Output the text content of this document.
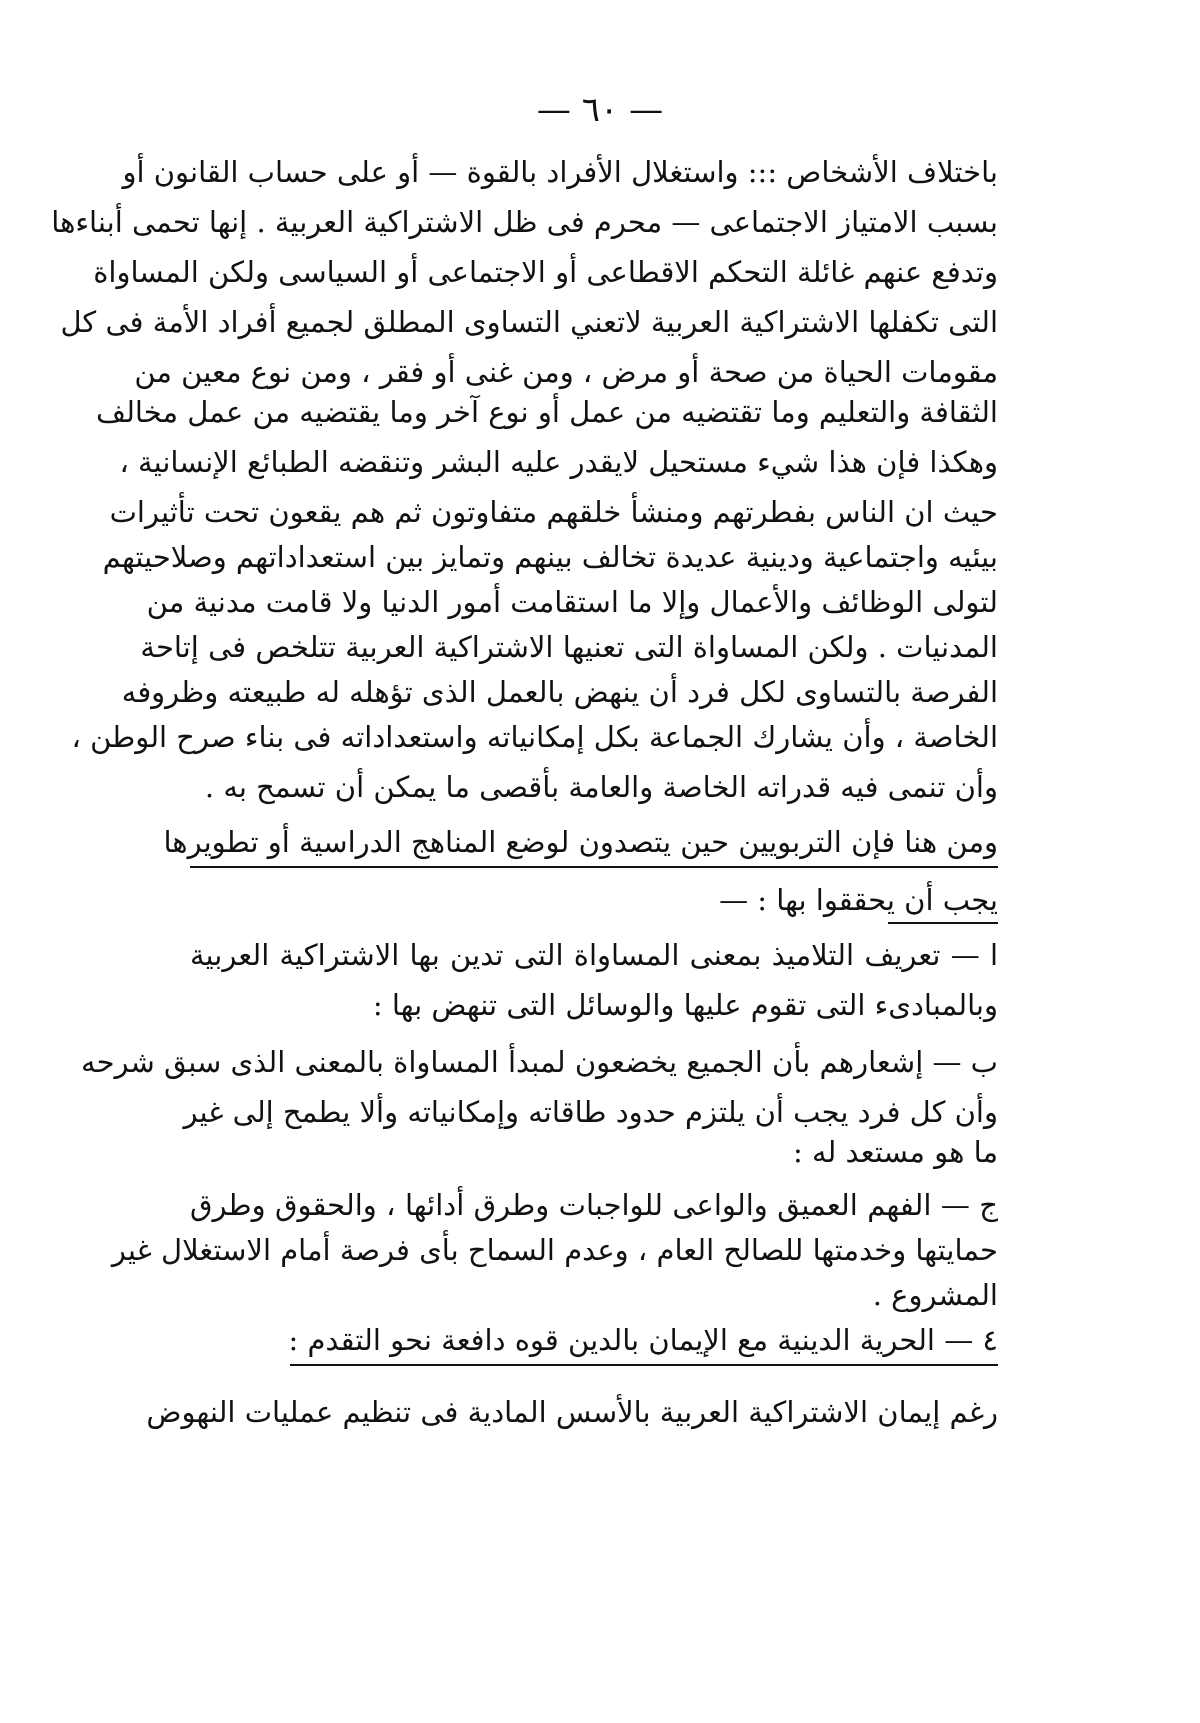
— ٦٠ —
باختلاف الأشخاص ::: واستغلال الأفراد بالقوة — أو على حساب القانون أو
بسبب الامتياز الاجتماعى — محرم فى ظل الاشتراكية العربية . إنها تحمى أبناءها
وتدفع عنهم غائلة التحكم الاقطاعى أو الاجتماعى أو السياسى ولكن المساواة
التى تكفلها الاشتراكية العربية لاتعني التساوى المطلق لجميع أفراد الأمة فى كل
مقومات الحياة من صحة أو مرض ، ومن غنى أو فقر ، ومن نوع معين من
الثقافة والتعليم وما تقتضيه من عمل أو نوع آخر وما يقتضيه من عمل مخالف
وهكذا فإن هذا شيء مستحيل لايقدر عليه البشر وتنقضه الطبائع الإنسانية ،
حيث ان الناس بفطرتهم ومنشأ خلقهم متفاوتون ثم هم يقعون تحت تأثيرات
بيئيه واجتماعية ودينية عديدة تخالف بينهم وتمايز بين استعداداتهم وصلاحيتهم
لتولى الوظائف والأعمال وإلا ما استقامت أمور الدنيا ولا قامت مدنية من
المدنيات . ولكن المساواة التى تعنيها الاشتراكية العربية تتلخص فى إتاحة
الفرصة بالتساوى لكل فرد أن ينهض بالعمل الذى تؤهله له طبيعته وظروفه
الخاصة ، وأن يشارك الجماعة بكل إمكانياته واستعداداته فى بناء صرح الوطن ،
وأن تنمى فيه قدراته الخاصة والعامة بأقصى ما يمكن أن تسمح به .
ومن هنا فإن التربويين حين يتصدون لوضع المناهج الدراسية أو تطويرها
يجب أن يحققوا بها : —
ا — تعريف التلاميذ بمعنى المساواة التى تدين بها الاشتراكية العربية
وبالمبادىء التى تقوم عليها والوسائل التى تنهض بها :
ب — إشعارهم بأن الجميع يخضعون لمبدأ المساواة بالمعنى الذى سبق شرحه
وأن كل فرد يجب أن يلتزم حدود طاقاته وإمكانياته وألا يطمح إلى غير
ما هو مستعد له :
ج — الفهم العميق والواعى للواجبات وطرق أدائها ، والحقوق وطرق
حمايتها وخدمتها للصالح العام ، وعدم السماح بأى فرصة أمام الاستغلال غير
المشروع .
٤ — الحرية الدينية مع الإيمان بالدين قوه دافعة نحو التقدم :
رغم إيمان الاشتراكية العربية بالأسس المادية فى تنظيم عمليات النهوض
